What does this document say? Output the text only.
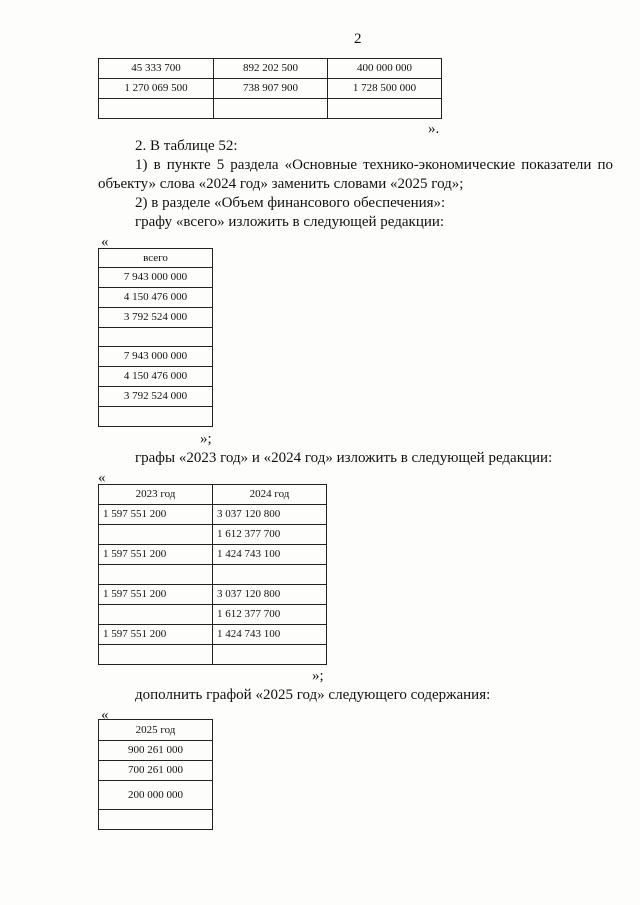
2
45 333 700	892 202 500	400 000 000
1 270 069 500	738 907 900	1 728 500 000

».
2. В таблице 52:
1) в пункте 5 раздела «Основные технико-экономические показатели по
объекту» слова «2024 год» заменить словами «2025 год»;
2) в разделе «Объем финансового обеспечения»:
графу «всего» изложить в следующей редакции:
«
всего
7 943 000 000
4 150 476 000
3 792 524 000

7 943 000 000
4 150 476 000
3 792 524 000

»;
графы «2023 год» и «2024 год» изложить в следующей редакции:
«
2023 год	2024 год
1 597 551 200	3 037 120 800
	1 612 377 700
1 597 551 200	1 424 743 100

1 597 551 200	3 037 120 800
	1 612 377 700
1 597 551 200	1 424 743 100

»;
дополнить графой «2025 год» следующего содержания:
«
2025 год
900 261 000
700 261 000
200 000 000
